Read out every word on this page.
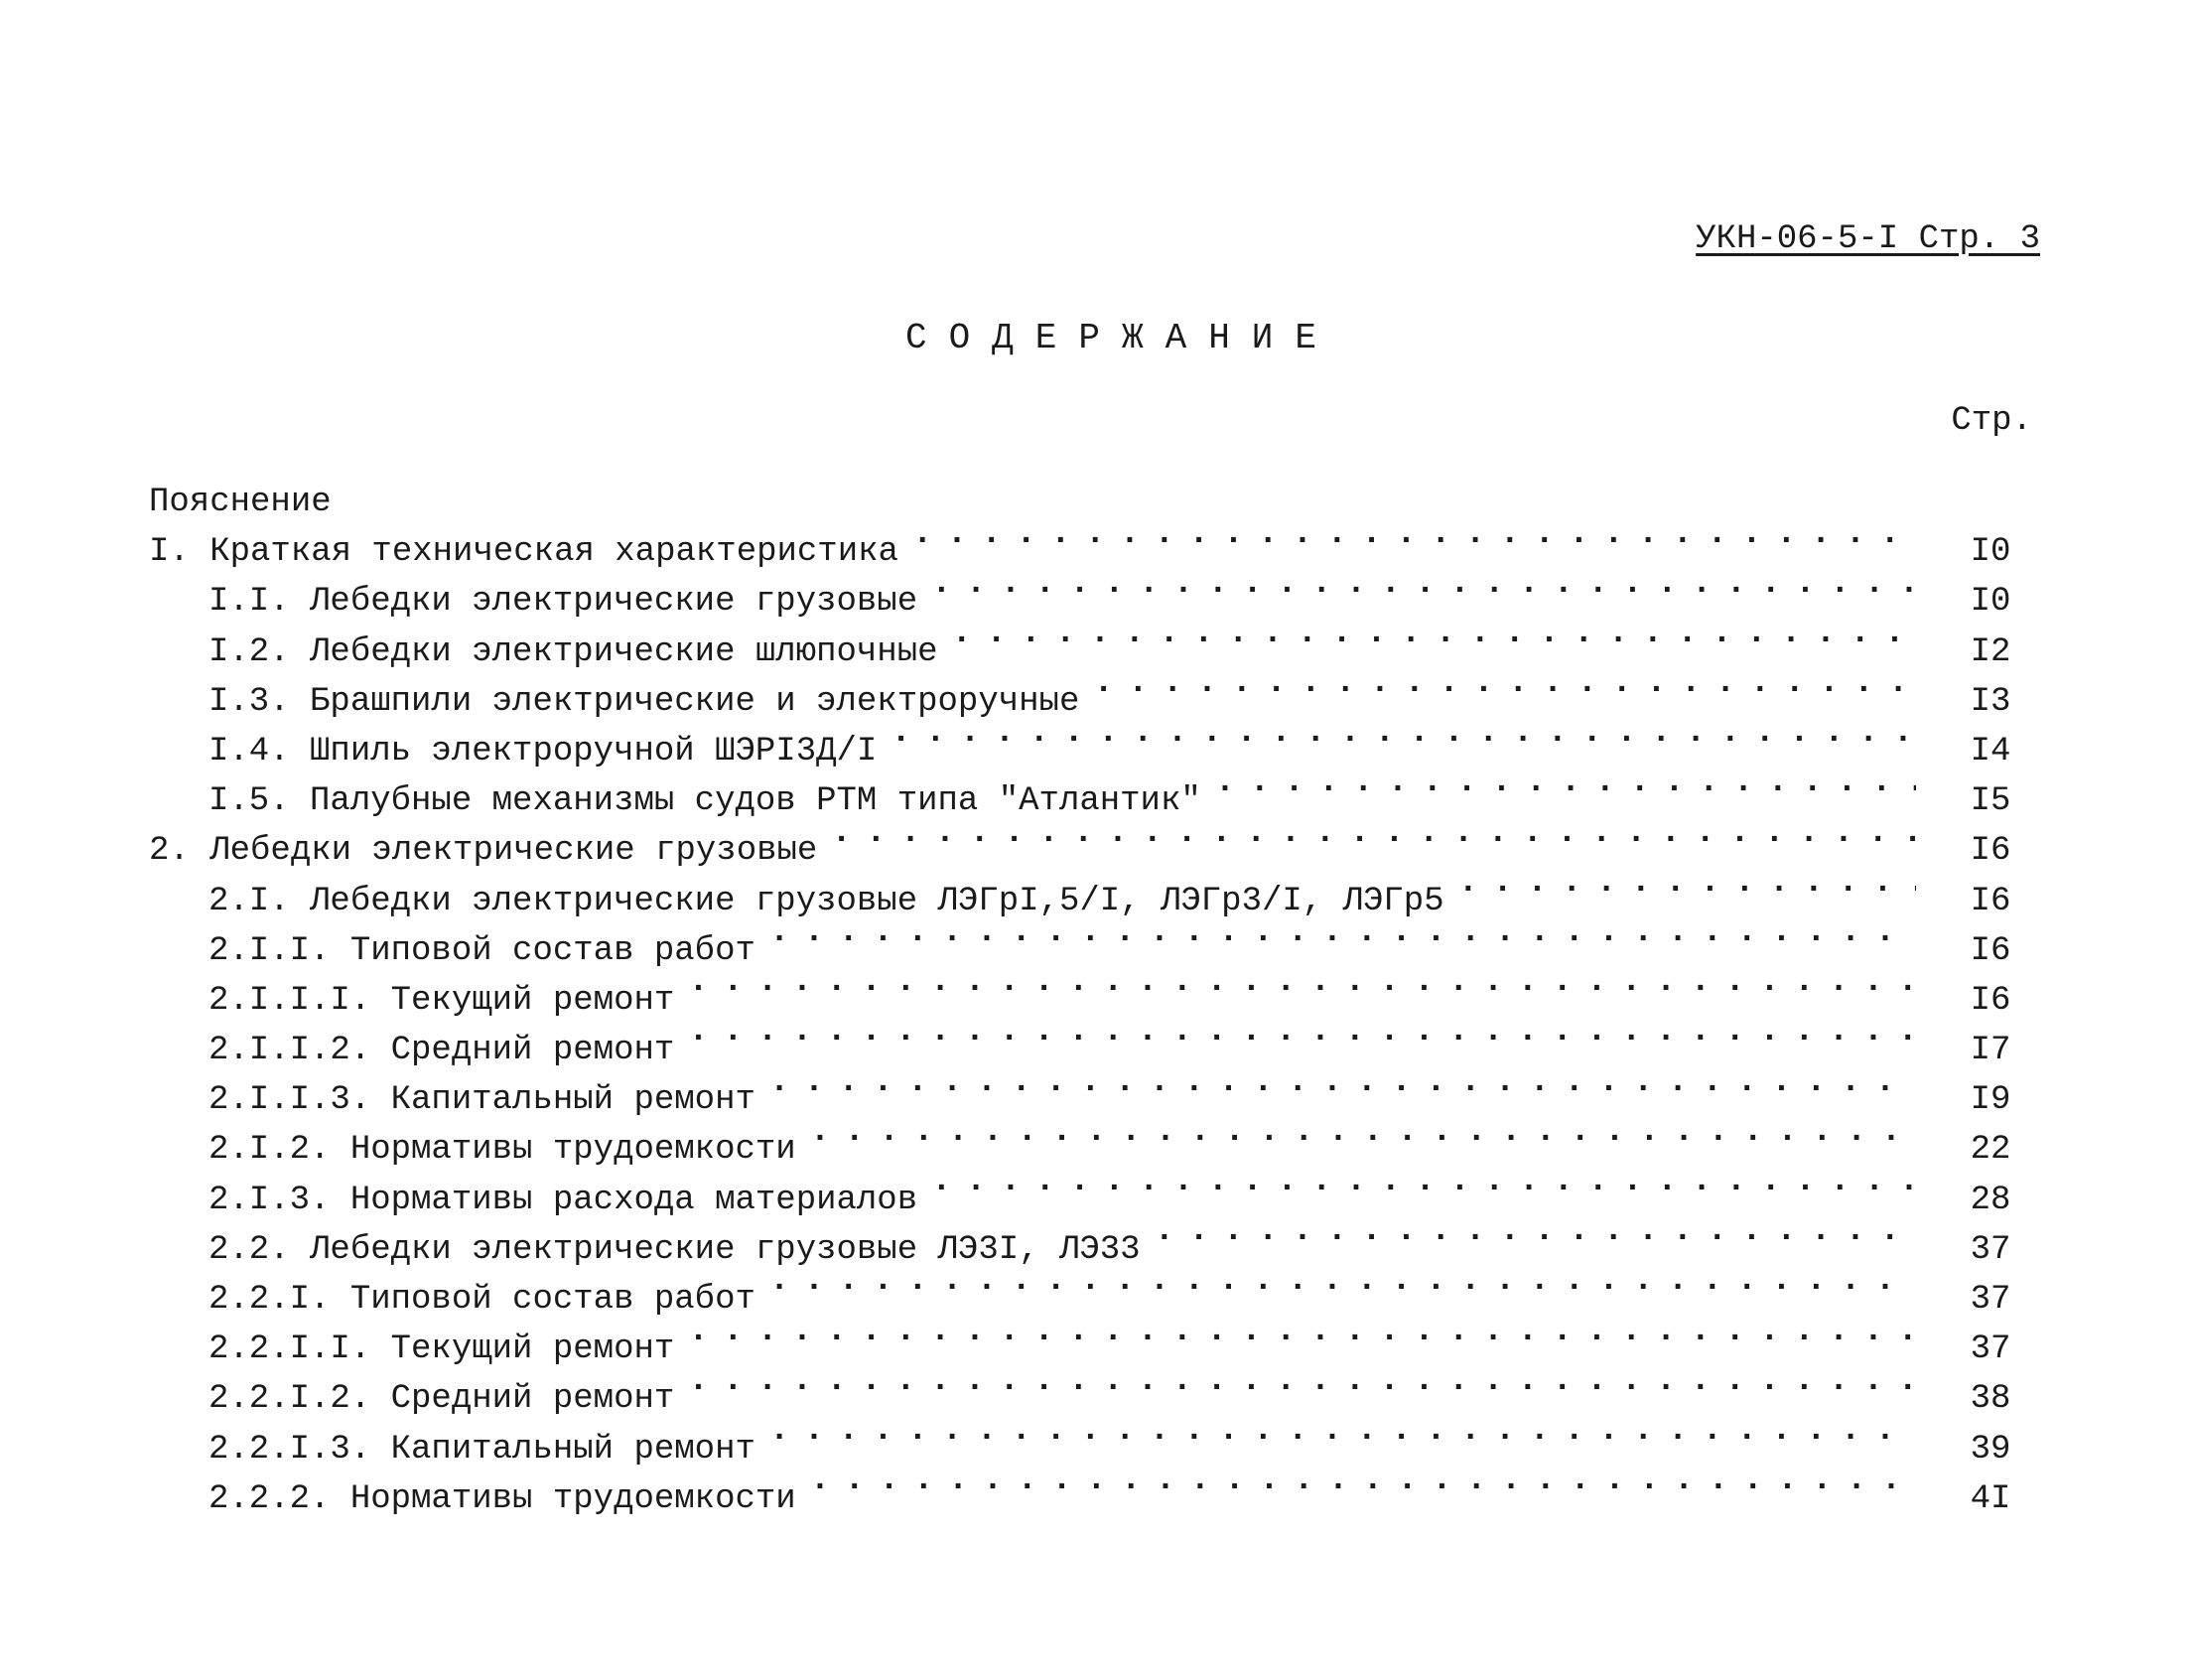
УКН-06-5-I Стр. 3
СОДЕРЖАНИЕ
Стр.
Пояснение
I. Краткая техническая характеристика . . .	I0
I.I. Лебедки электрические грузовые . . .	I0
I.2. Лебедки электрические шлюпочные . . .	I2
I.3. Брашпили электрические и электроручные . . .	I3
I.4. Шпиль электроручной ШЭРI3Д/I . . .	I4
I.5. Палубные механизмы судов РТМ типа "Атлантик" . . .	I5
2. Лебедки электрические грузовые . . .	I6
2.I. Лебедки электрические грузовые ЛЭГрI,5/I, ЛЭГр3/I, ЛЭГр5 . . .	I6
2.I.I. Типовой состав работ . . .	I6
2.I.I.I. Текущий ремонт . . .	I6
2.I.I.2. Средний ремонт . . .	I7
2.I.I.3. Капитальный ремонт . . .	I9
2.I.2. Нормативы трудоемкости . . .	22
2.I.3. Нормативы расхода материалов . . .	28
2.2. Лебедки электрические грузовые ЛЭ3I, ЛЭ33 . . .	37
2.2.I. Типовой состав работ . . .	37
2.2.I.I. Текущий ремонт . . .	37
2.2.I.2. Средний ремонт . . .	38
2.2.I.3. Капитальный ремонт . . .	39
2.2.2. Нормативы трудоемкости . . .	4I
